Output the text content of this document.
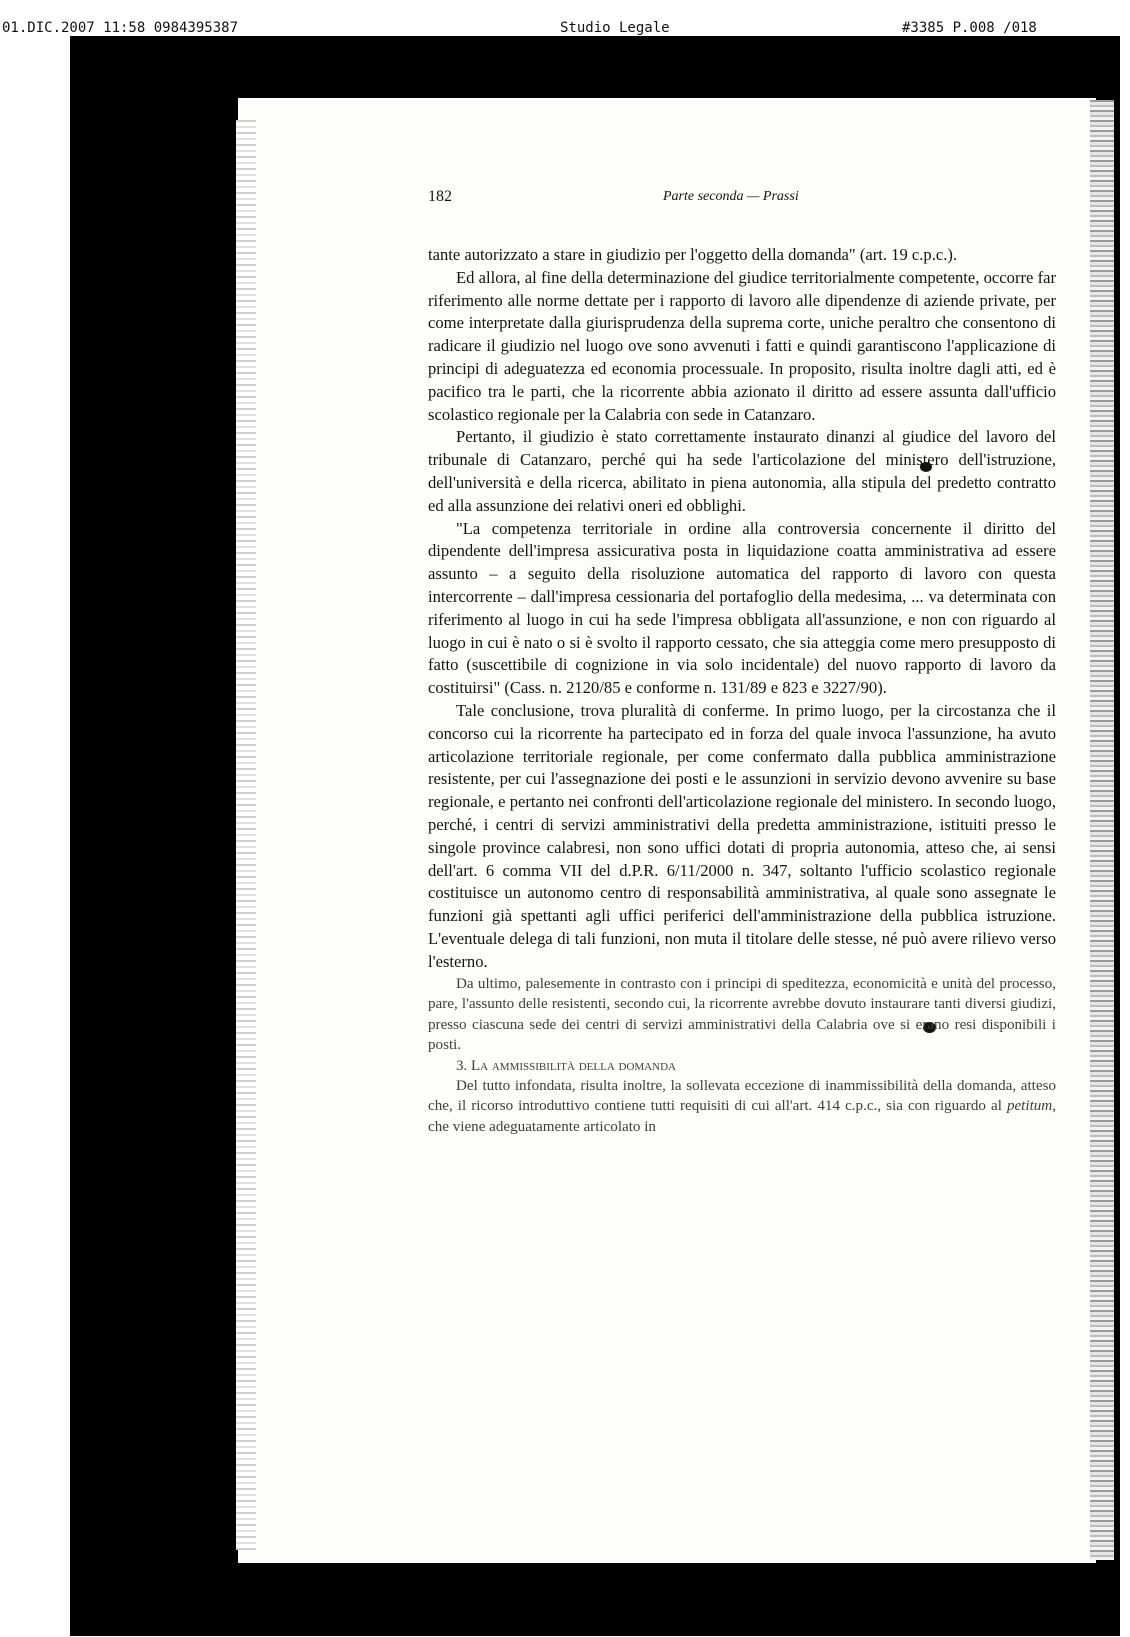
01.DIC.2007 11:58 0984395387	Studio Legale	#3385 P.008 /018
182	Parte seconda — Prassi

tante autorizzato a stare in giudizio per l'oggetto della domanda" (art. 19 c.p.c.).

Ed allora, al fine della determinazione del giudice territorialmente competente, occorre far riferimento alle norme dettate per i rapporto di lavoro alle dipendenze di aziende private, per come interpretate dalla giurisprudenza della suprema corte, uniche peraltro che consentono di radicare il giudizio nel luogo ove sono avvenuti i fatti e quindi garantiscono l'applicazione di principi di adeguatezza ed economia processuale. In proposito, risulta inoltre dagli atti, ed è pacifico tra le parti, che la ricorrente abbia azionato il diritto ad essere assunta dall'ufficio scolastico regionale per la Calabria con sede in Catanzaro.

Pertanto, il giudizio è stato correttamente instaurato dinanzi al giudice del lavoro del tribunale di Catanzaro, perché qui ha sede l'articolazione del ministero dell'istruzione, dell'università e della ricerca, abilitato in piena autonomia, alla stipula del predetto contratto ed alla assunzione dei relativi oneri ed obblighi.

"La competenza territoriale in ordine alla controversia concernente il diritto del dipendente dell'impresa assicurativa posta in liquidazione coatta amministrativa ad essere assunto – a seguito della risoluzione automatica del rapporto di lavoro con questa intercorrente – dall'impresa cessionaria del portafoglio della medesima, ... va determinata con riferimento al luogo in cui ha sede l'impresa obbligata all'assunzione, e non con riguardo al luogo in cui è nato o si è svolto il rapporto cessato, che sia atteggia come mero presupposto di fatto (suscettibile di cognizione in via solo incidentale) del nuovo rapporto di lavoro da costituirsi" (Cass. n. 2120/85 e conforme n. 131/89 e 823 e 3227/90).

Tale conclusione, trova pluralità di conferme. In primo luogo, per la circostanza che il concorso cui la ricorrente ha partecipato ed in forza del quale invoca l'assunzione, ha avuto articolazione territoriale regionale, per come confermato dalla pubblica amministrazione resistente, per cui l'assegnazione dei posti e le assunzioni in servizio devono avvenire su base regionale, e pertanto nei confronti dell'articolazione regionale del ministero. In secondo luogo, perché, i centri di servizi amministrativi della predetta amministrazione, istituiti presso le singole province calabresi, non sono uffici dotati di propria autonomia, atteso che, ai sensi dell'art. 6 comma VII del d.P.R. 6/11/2000 n. 347, soltanto l'ufficio scolastico regionale costituisce un autonomo centro di responsabilità amministrativa, al quale sono assegnate le funzioni già spettanti agli uffici periferici dell'amministrazione della pubblica istruzione. L'eventuale delega di tali funzioni, non muta il titolare delle stesse, né può avere rilievo verso l'esterno.

Da ultimo, palesemente in contrasto con i principi di speditezza, economicità e unità del processo, pare, l'assunto delle resistenti, secondo cui, la ricorrente avrebbe dovuto instaurare tanti diversi giudizi, presso ciascuna sede dei centri di servizi amministrativi della Calabria ove si erano resi disponibili i posti.

3. La ammissibilità della domanda

Del tutto infondata, risulta inoltre, la sollevata eccezione di inammissibilità della domanda, atteso che, il ricorso introduttivo contiene tutti requisiti di cui all'art. 414 c.p.c., sia con riguardo al petitum, che viene adeguatamente articolato in
